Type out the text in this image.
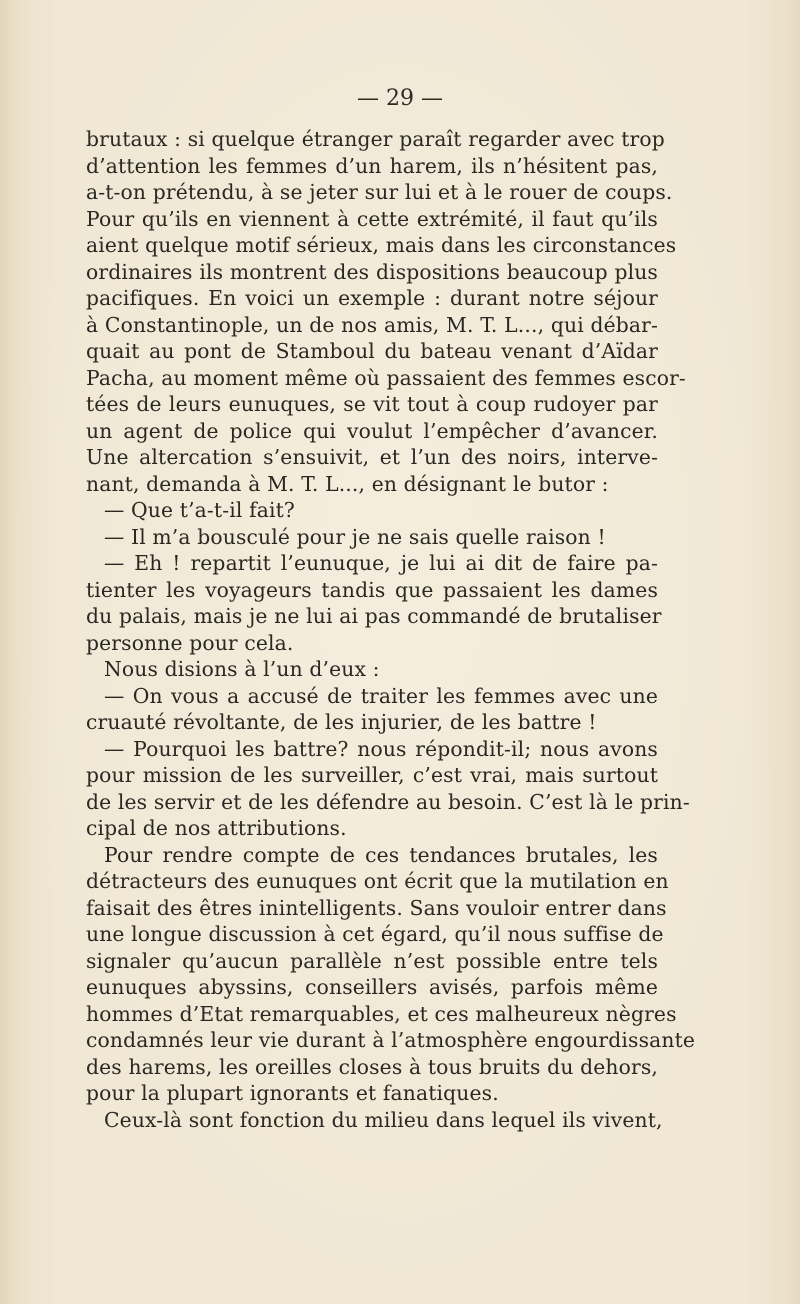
— 29 —
brutaux : si quelque étranger paraît regarder avec trop
d’attention les femmes d’un harem, ils n’hésitent pas,
a-t-on prétendu, à se jeter sur lui et à le rouer de coups.
Pour qu’ils en viennent à cette extrémité, il faut qu’ils
aient quelque motif sérieux, mais dans les circonstances
ordinaires ils montrent des dispositions beaucoup plus
pacifiques. En voici un exemple : durant notre séjour
à Constantinople, un de nos amis, M. T. L..., qui débar-
quait au pont de Stamboul du bateau venant d’Aïdar
Pacha, au moment même où passaient des femmes escor-
tées de leurs eunuques, se vit tout à coup rudoyer par
un agent de police qui voulut l’empêcher d’avancer.
Une altercation s’ensuivit, et l’un des noirs, interve-
nant, demanda à M. T. L..., en désignant le butor :
— Que t’a-t-il fait?
— Il m’a bousculé pour je ne sais quelle raison !
— Eh ! repartit l’eunuque, je lui ai dit de faire pa-
tienter les voyageurs tandis que passaient les dames
du palais, mais je ne lui ai pas commandé de brutaliser
personne pour cela.
Nous disions à l’un d’eux :
— On vous a accusé de traiter les femmes avec une
cruauté révoltante, de les injurier, de les battre !
— Pourquoi les battre? nous répondit-il; nous avons
pour mission de les surveiller, c’est vrai, mais surtout
de les servir et de les défendre au besoin. C’est là le prin-
cipal de nos attributions.
Pour rendre compte de ces tendances brutales, les
détracteurs des eunuques ont écrit que la mutilation en
faisait des êtres inintelligents. Sans vouloir entrer dans
une longue discussion à cet égard, qu’il nous suffise de
signaler qu’aucun parallèle n’est possible entre tels
eunuques abyssins, conseillers avisés, parfois même
hommes d’Etat remarquables, et ces malheureux nègres
condamnés leur vie durant à l’atmosphère engourdissante
des harems, les oreilles closes à tous bruits du dehors,
pour la plupart ignorants et fanatiques.
Ceux-là sont fonction du milieu dans lequel ils vivent,
